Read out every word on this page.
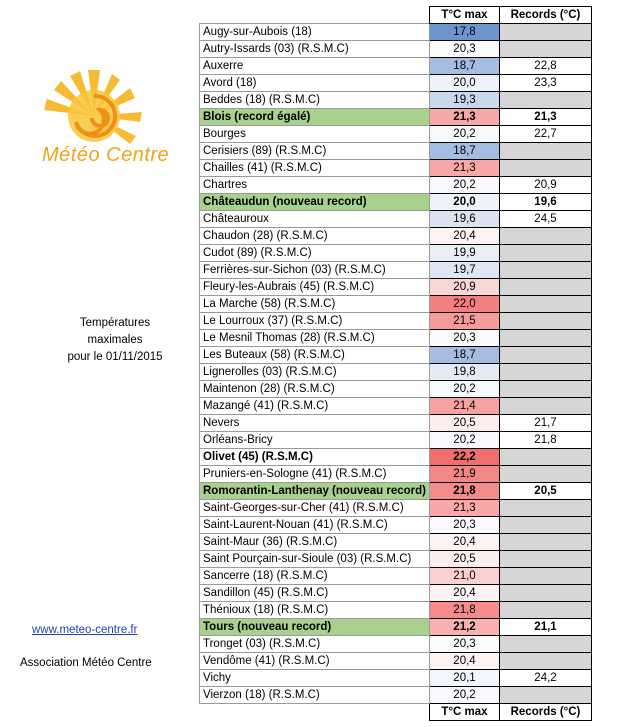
Météo Centre
Températures
maximales
pour le 01/11/2015
www.meteo-centre.fr
Association Météo Centre
	T°C max	Records (°C)
Augy-sur-Aubois (18)	17,8	
Autry-Issards (03) (R.S.M.C)	20,3	
Auxerre	18,7	22,8
Avord (18)	20,0	23,3
Beddes (18) (R.S.M.C)	19,3	
Blois (record égalé)	21,3	21,3
Bourges	20,2	22,7
Cerisiers (89) (R.S.M.C)	18,7	
Chailles (41) (R.S.M.C)	21,3	
Chartres	20,2	20,9
Châteaudun (nouveau record)	20,0	19,6
Châteauroux	19,6	24,5
Chaudon (28) (R.S.M.C)	20,4	
Cudot (89) (R.S.M.C)	19,9	
Ferrières-sur-Sichon (03) (R.S.M.C)	19,7	
Fleury-les-Aubrais (45) (R.S.M.C)	20,9	
La Marche (58) (R.S.M.C)	22,0	
Le Lourroux (37) (R.S.M.C)	21,5	
Le Mesnil Thomas (28) (R.S.M.C)	20,3	
Les Buteaux (58) (R.S.M.C)	18,7	
Lignerolles (03) (R.S.M.C)	19,8	
Maintenon (28) (R.S.M.C)	20,2	
Mazangé (41) (R.S.M.C)	21,4	
Nevers	20,5	21,7
Orléans-Bricy	20,2	21,8
Olivet (45) (R.S.M.C)	22,2	
Pruniers-en-Sologne (41) (R.S.M.C)	21,9	
Romorantin-Lanthenay (nouveau record)	21,8	20,5
Saint-Georges-sur-Cher (41) (R.S.M.C)	21,3	
Saint-Laurent-Nouan (41) (R.S.M.C)	20,3	
Saint-Maur (36) (R.S.M.C)	20,4	
Saint Pourçain-sur-Sioule (03) (R.S.M.C)	20,5	
Sancerre (18) (R.S.M.C)	21,0	
Sandillon (45) (R.S.M.C)	20,4	
Thénioux (18) (R.S.M.C)	21,8	
Tours (nouveau record)	21,2	21,1
Tronget (03) (R.S.M.C)	20,3	
Vendôme (41) (R.S.M.C)	20,4	
Vichy	20,1	24,2
Vierzon (18) (R.S.M.C)	20,2	
	T°C max	Records (°C)
